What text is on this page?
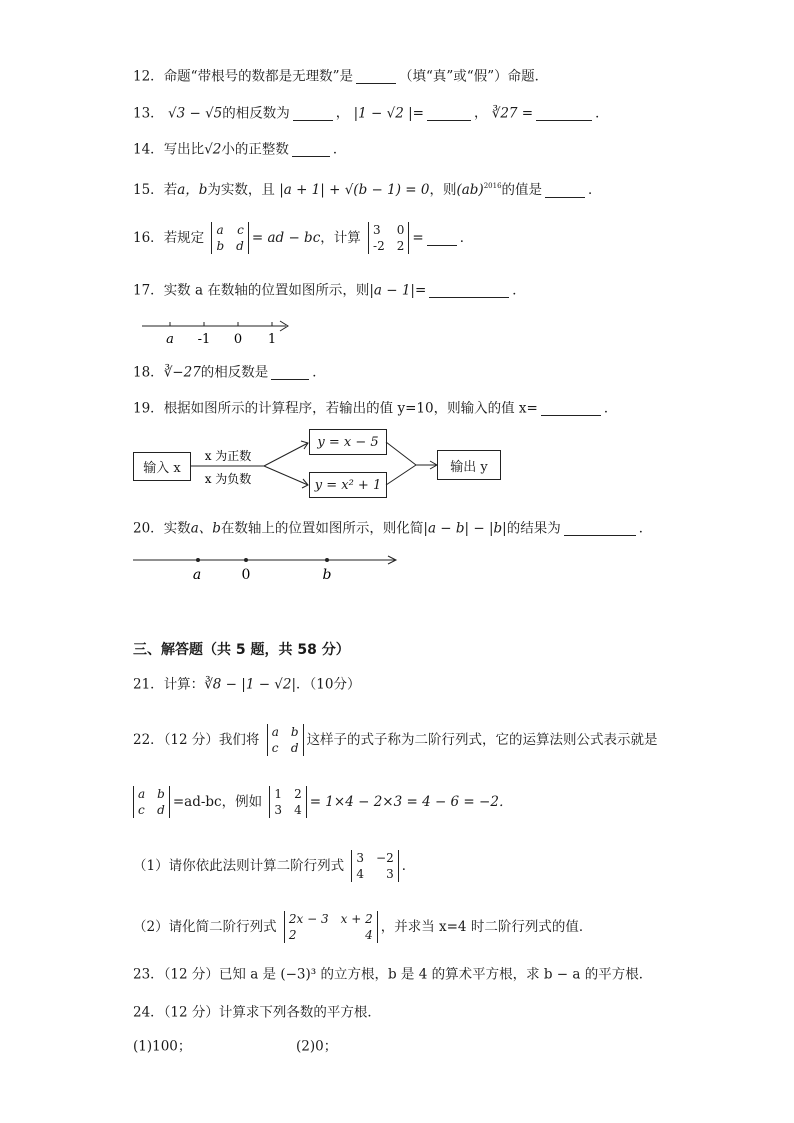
12．命题“带根号的数都是无理数”是	（填“真”或“假”）命题．
13． √3 − √5的相反数为	， |1 − √2 |=	， ∛27 =	．
14．写出比√2小的正整数	．
15．若a，b为实数，且 |a + 1| + √(b − 1) = 0，则(ab)$^{2016}$的值是	．
16．若规定 a c
b d = ad − bc，计算 3 0
-2 2 =	．
17．实数 a 在数轴的位置如图所示，则|a − 1|=	．
a -1 0 1
18．∛−27的相反数是	．
19．根据如图所示的计算程序，若输出的值 y=10，则输入的值 x=	．
输入 x
y = x − 5
y = x² + 1
输出 y
x 为正数
x 为负数
20．实数a、b在数轴上的位置如图所示，则化简|a − b| − |b|的结果为	．
a	0	b
三、解答题（共 5 题，共 58 分）
21．计算：∛8 − |1 − √2|．（10分）
22．（12 分）我们将 a b
c d 这样子的式子称为二阶行列式，它的运算法则公式表示就是
a b
c d =ad-bc，例如 1 2
3 4 = 1×4 − 2×3 = 4 − 6 = −2．
（1）请你依此法则计算二阶行列式 3 −2
4 3 ．
（2）请化简二阶行列式 2x − 3 x + 2
2	4 ，并求当 x=4 时二阶行列式的值．
23．（12 分）已知 a 是 (−3)³ 的立方根，b 是 4 的算术平方根，求 b − a 的平方根．
24．（12 分）计算求下列各数的平方根．
(1)100；	(2)0；
